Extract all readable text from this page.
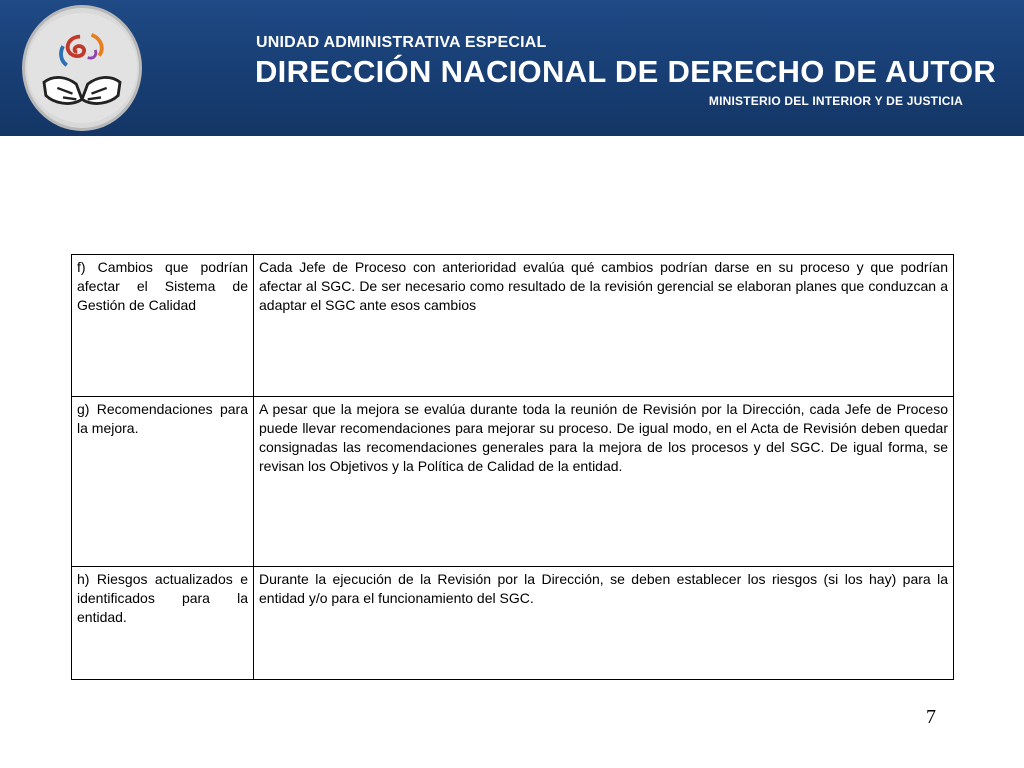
UNIDAD ADMINISTRATIVA ESPECIAL
DIRECCIÓN NACIONAL DE DERECHO DE AUTOR
MINISTERIO DEL INTERIOR Y DE JUSTICIA
f) Cambios que podrían afectar el Sistema de Gestión de Calidad	Cada Jefe de Proceso con anterioridad evalúa qué cambios podrían darse en su proceso y que podrían afectar al SGC. De ser necesario como resultado de la revisión gerencial se elaboran planes que conduzcan a adaptar el SGC ante esos cambios
g) Recomendaciones para la mejora.	A pesar que la mejora se evalúa durante toda la reunión de Revisión por la Dirección, cada Jefe de Proceso puede llevar recomendaciones para mejorar su proceso. De igual modo, en el Acta de Revisión deben quedar consignadas las recomendaciones generales para la mejora de los procesos y del SGC. De igual forma, se revisan los Objetivos y la Política de Calidad de la entidad.
h) Riesgos actualizados e identificados para la entidad.	Durante la ejecución de la Revisión por la Dirección, se deben establecer los riesgos (si los hay) para la entidad y/o para el funcionamiento del SGC.
7
